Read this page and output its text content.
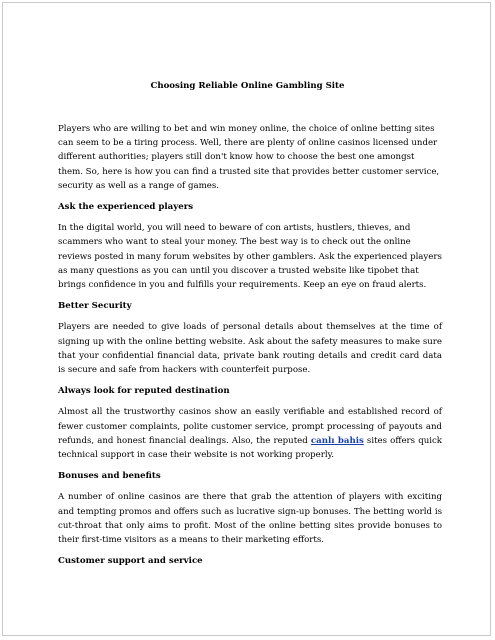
Choosing Reliable Online Gambling Site

Players who are willing to bet and win money online, the choice of online betting sites can seem to be a tiring process. Well, there are plenty of online casinos licensed under different authorities; players still don't know how to choose the best one amongst them. So, here is how you can find a trusted site that provides better customer service, security as well as a range of games.

Ask the experienced players

In the digital world, you will need to beware of con artists, hustlers, thieves, and scammers who want to steal your money. The best way is to check out the online reviews posted in many forum websites by other gamblers. Ask the experienced players as many questions as you can until you discover a trusted website like tipobet that brings confidence in you and fulfills your requirements. Keep an eye on fraud alerts.

Better Security

Players are needed to give loads of personal details about themselves at the time of signing up with the online betting website. Ask about the safety measures to make sure that your confidential financial data, private bank routing details and credit card data is secure and safe from hackers with counterfeit purpose.

Always look for reputed destination

Almost all the trustworthy casinos show an easily verifiable and established record of fewer customer complaints, polite customer service, prompt processing of payouts and refunds, and honest financial dealings. Also, the reputed canlı bahis sites offers quick technical support in case their website is not working properly.

Bonuses and benefits

A number of online casinos are there that grab the attention of players with exciting and tempting promos and offers such as lucrative sign-up bonuses. The betting world is cut-throat that only aims to profit. Most of the online betting sites provide bonuses to their first-time visitors as a means to their marketing efforts.

Customer support and service
